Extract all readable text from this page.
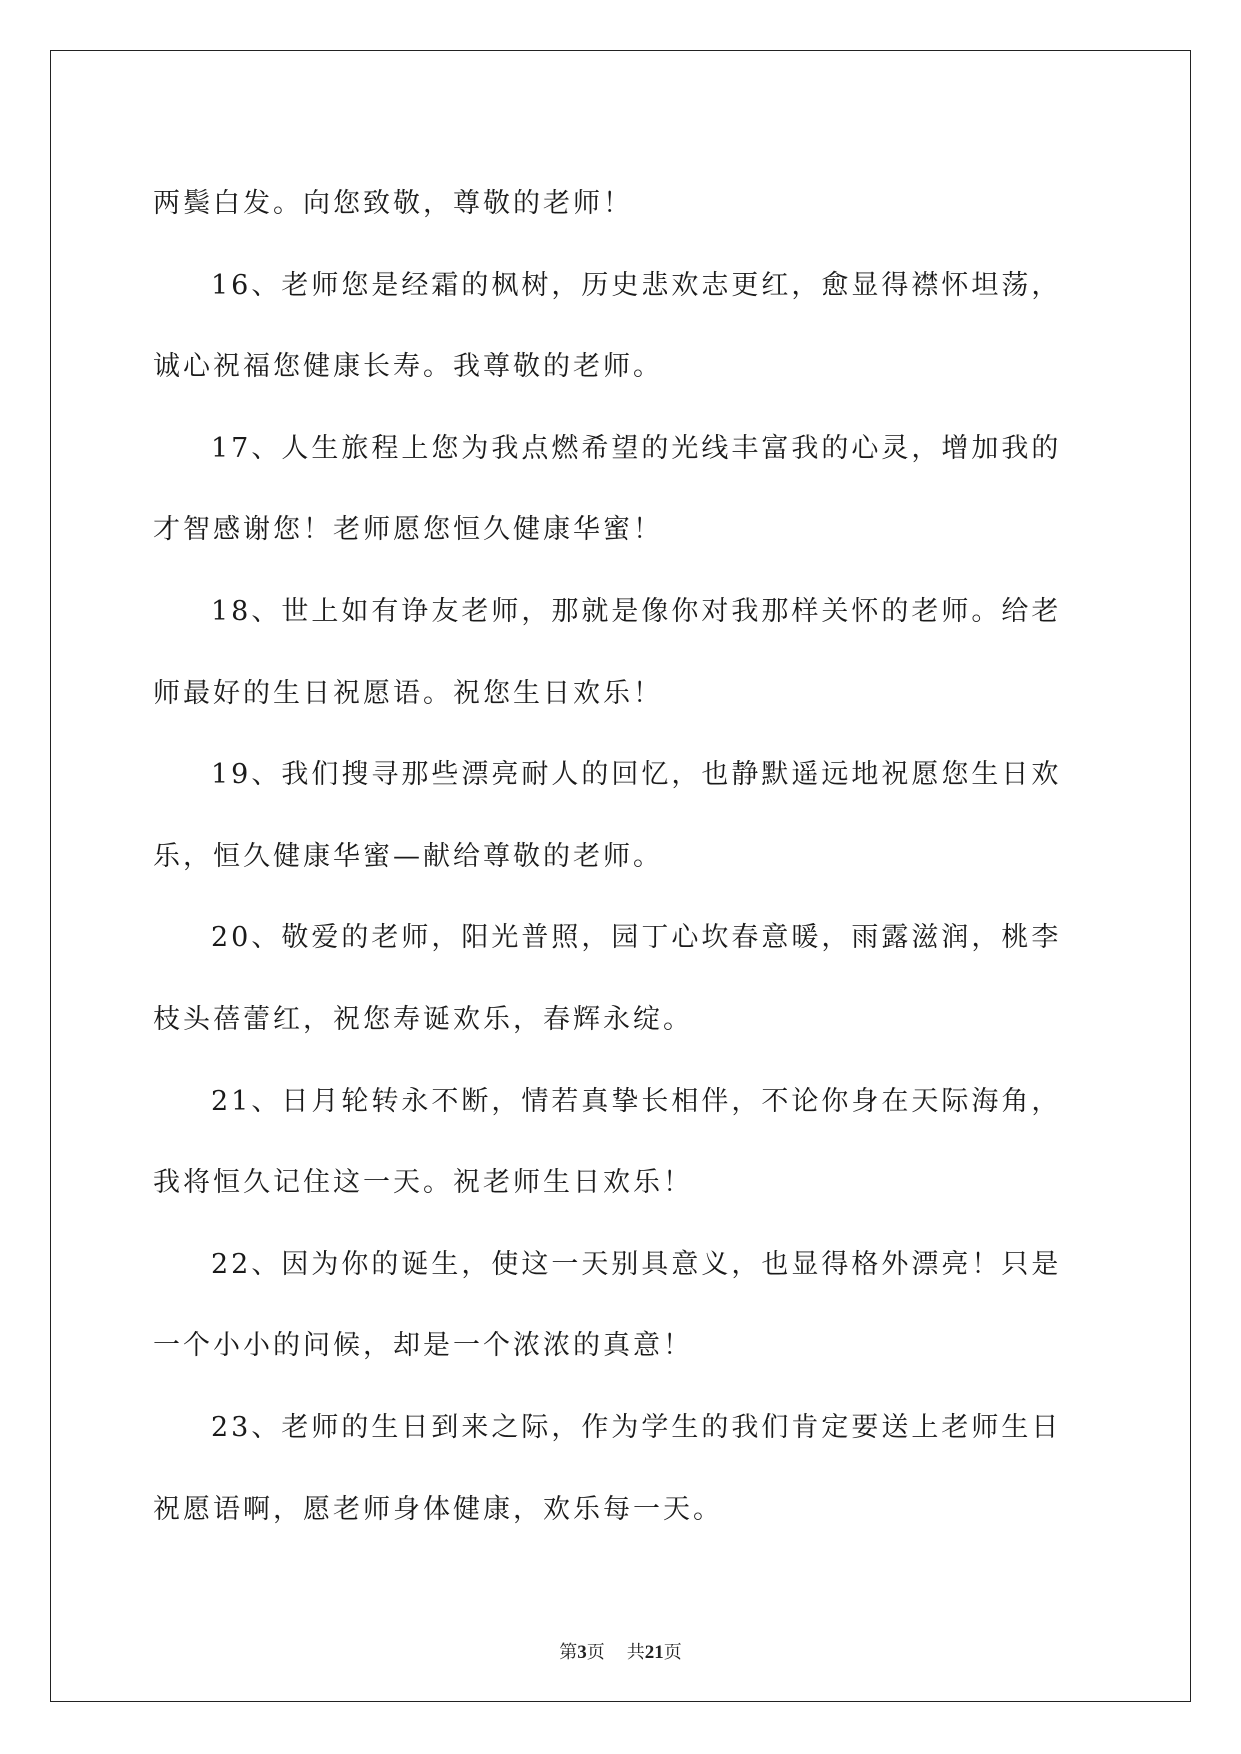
两鬓白发。向您致敬，尊敬的老师！
16、老师您是经霜的枫树，历史悲欢志更红，愈显得襟怀坦荡，
诚心祝福您健康长寿。我尊敬的老师。
17、人生旅程上您为我点燃希望的光线丰富我的心灵，增加我的
才智感谢您！老师愿您恒久健康华蜜！
18、世上如有诤友老师，那就是像你对我那样关怀的老师。给老
师最好的生日祝愿语。祝您生日欢乐！
19、我们搜寻那些漂亮耐人的回忆，也静默遥远地祝愿您生日欢
乐，恒久健康华蜜—献给尊敬的老师。
20、敬爱的老师，阳光普照，园丁心坎春意暖，雨露滋润，桃李
枝头蓓蕾红，祝您寿诞欢乐，春辉永绽。
21、日月轮转永不断，情若真挚长相伴，不论你身在天际海角，
我将恒久记住这一天。祝老师生日欢乐！
22、因为你的诞生，使这一天别具意义，也显得格外漂亮！只是
一个小小的问候，却是一个浓浓的真意！
23、老师的生日到来之际，作为学生的我们肯定要送上老师生日
祝愿语啊，愿老师身体健康，欢乐每一天。
第3页 共21页
